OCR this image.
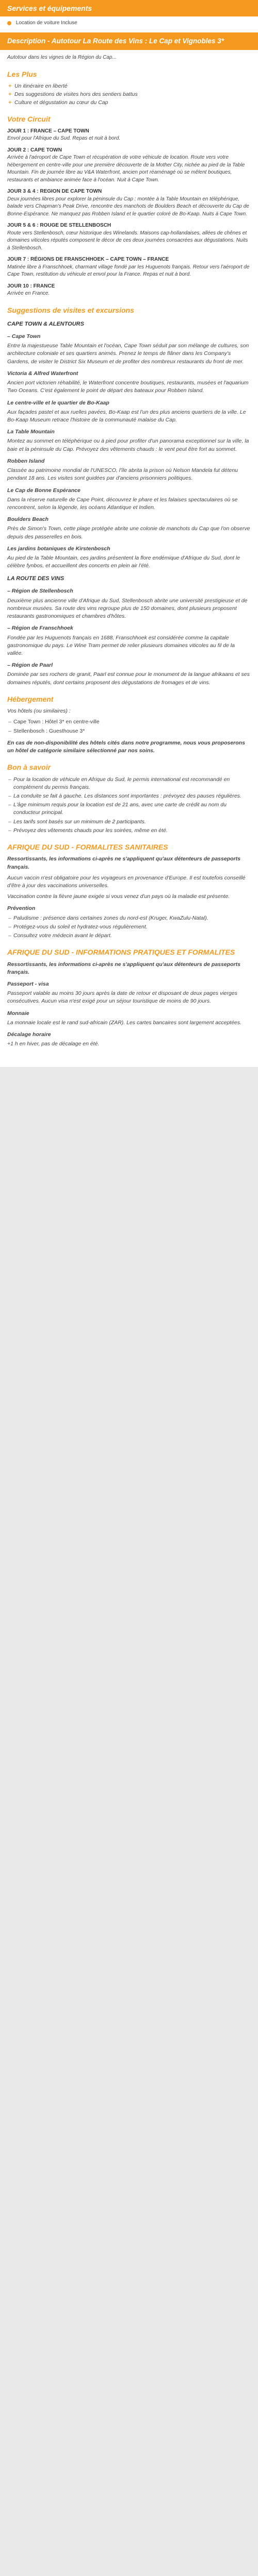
Services et équipements
Location de voiture Incluse
Description - Autotour La Route des Vins : Le Cap et Vignobles 3*

Autotour dans les vignes de la Région du Cap...

Les Plus
+ Un itinéraire en liberté
+ Des suggestions de visites hors des sentiers battus
+ Culture et dégustation au cœur du Cap
Votre Circuit
JOUR 1 : FRANCE – CAPE TOWN
Envol pour l'Afrique du Sud. Repas et nuit à bord.
JOUR 2 : CAPE TOWN
Arrivée à l'aéroport de Cape Town et récupération de votre véhicule de location. Route vers votre hébergement en centre-ville pour une première découverte de la Mother City, nichée au pied de la Table Mountain. Fin de journée libre au V&A Waterfront, ancien port réaménagé où se mêlent boutiques, restaurants et ambiance animée face à l'océan. Nuit à Cape Town.
JOUR 3 & 4 : REGION DE CAPE TOWN
Deux journées libres pour explorer la péninsule du Cap : montée à la Table Mountain en téléphérique, balade vers Chapman's Peak Drive, rencontre des manchots de Boulders Beach et découverte du Cap de Bonne-Espérance. Ne manquez pas Robben Island et le quartier coloré de Bo-Kaap. Nuits à Cape Town.
JOUR 5 & 6 : ROUGE DE STELLENBOSCH
Route vers Stellenbosch, cœur historique des Winelands. Maisons cap-hollandaises, allées de chênes et domaines viticoles réputés composent le décor de ces deux journées consacrées aux dégustations. Nuits à Stellenbosch.
JOUR 7 : RÉGIONS DE FRANSCHHOEK – CAPE TOWN – FRANCE
Matinée libre à Franschhoek, charmant village fondé par les Huguenots français. Retour vers l'aéroport de Cape Town, restitution du véhicule et envol pour la France. Repas et nuit à bord.
JOUR 10 : FRANCE
Arrivée en France.
Suggestions de visites et excursions
CAPE TOWN & ALENTOURS
– Cape Town

Entre la majestueuse Table Mountain et l'océan, Cape Town séduit par son mélange de cultures, son architecture coloniale et ses quartiers animés. Prenez le temps de flâner dans les Company's Gardens, de visiter le District Six Museum et de profiter des nombreux restaurants du front de mer.

Victoria & Alfred Waterfront

Ancien port victorien réhabilité, le Waterfront concentre boutiques, restaurants, musées et l'aquarium Two Oceans. C'est également le point de départ des bateaux pour Robben Island.

Le centre-ville et le quartier de Bo-Kaap

Aux façades pastel et aux ruelles pavées, Bo-Kaap est l'un des plus anciens quartiers de la ville. Le Bo-Kaap Museum retrace l'histoire de la communauté malaise du Cap.

La Table Mountain

Montez au sommet en téléphérique ou à pied pour profiter d'un panorama exceptionnel sur la ville, la baie et la péninsule du Cap. Prévoyez des vêtements chauds : le vent peut être fort au sommet.

Robben Island

Classée au patrimoine mondial de l'UNESCO, l'île abrita la prison où Nelson Mandela fut détenu pendant 18 ans. Les visites sont guidées par d'anciens prisonniers politiques.

Le Cap de Bonne Espérance

Dans la réserve naturelle de Cape Point, découvrez le phare et les falaises spectaculaires où se rencontrent, selon la légende, les océans Atlantique et Indien.

Boulders Beach

Près de Simon's Town, cette plage protégée abrite une colonie de manchots du Cap que l'on observe depuis des passerelles en bois.

Les jardins botaniques de Kirstenbosch

Au pied de la Table Mountain, ces jardins présentent la flore endémique d'Afrique du Sud, dont le célèbre fynbos, et accueillent des concerts en plein air l'été.

LA ROUTE DES VINS
– Région de Stellenbosch

Deuxième plus ancienne ville d'Afrique du Sud, Stellenbosch abrite une université prestigieuse et de nombreux musées. Sa route des vins regroupe plus de 150 domaines, dont plusieurs proposent restaurants gastronomiques et chambres d'hôtes.

– Région de Franschhoek

Fondée par les Huguenots français en 1688, Franschhoek est considérée comme la capitale gastronomique du pays. Le Wine Tram permet de relier plusieurs domaines viticoles au fil de la vallée.

– Région de Paarl

Dominée par ses rochers de granit, Paarl est connue pour le monument de la langue afrikaans et ses domaines réputés, dont certains proposent des dégustations de fromages et de vins.

Hébergement

Vos hôtels (ou similaires) :

– Cape Town : Hôtel 3* en centre-ville
– Stellenbosch : Guesthouse 3*

En cas de non-disponibilité des hôtels cités dans notre programme, nous vous proposerons un hôtel de catégorie similaire sélectionné par nos soins.

Bon à savoir
– Pour la location de véhicule en Afrique du Sud, le permis international est recommandé en complément du permis français.
– La conduite se fait à gauche. Les distances sont importantes : prévoyez des pauses régulières.
– L'âge minimum requis pour la location est de 21 ans, avec une carte de crédit au nom du conducteur principal.
– Les tarifs sont basés sur un minimum de 2 participants.
– Prévoyez des vêtements chauds pour les soirées, même en été.
AFRIQUE DU SUD - FORMALITES SANITAIRES

Ressortissants, les informations ci-après ne s'appliquent qu'aux détenteurs de passeports français.

Aucun vaccin n'est obligatoire pour les voyageurs en provenance d'Europe. Il est toutefois conseillé d'être à jour des vaccinations universelles.

Vaccination contre la fièvre jaune exigée si vous venez d'un pays où la maladie est présente.

Prévention
– Paludisme : présence dans certaines zones du nord-est (Kruger, KwaZulu-Natal).
– Protégez-vous du soleil et hydratez-vous régulièrement.
– Consultez votre médecin avant le départ.
AFRIQUE DU SUD - INFORMATIONS PRATIQUES ET FORMALITES

Ressortissants, les informations ci-après ne s'appliquent qu'aux détenteurs de passeports français.

Passeport - visa

Passeport valable au moins 30 jours après la date de retour et disposant de deux pages vierges consécutives. Aucun visa n'est exigé pour un séjour touristique de moins de 90 jours.

Monnaie

La monnaie locale est le rand sud-africain (ZAR). Les cartes bancaires sont largement acceptées.

Décalage horaire

+1 h en hiver, pas de décalage en été.
